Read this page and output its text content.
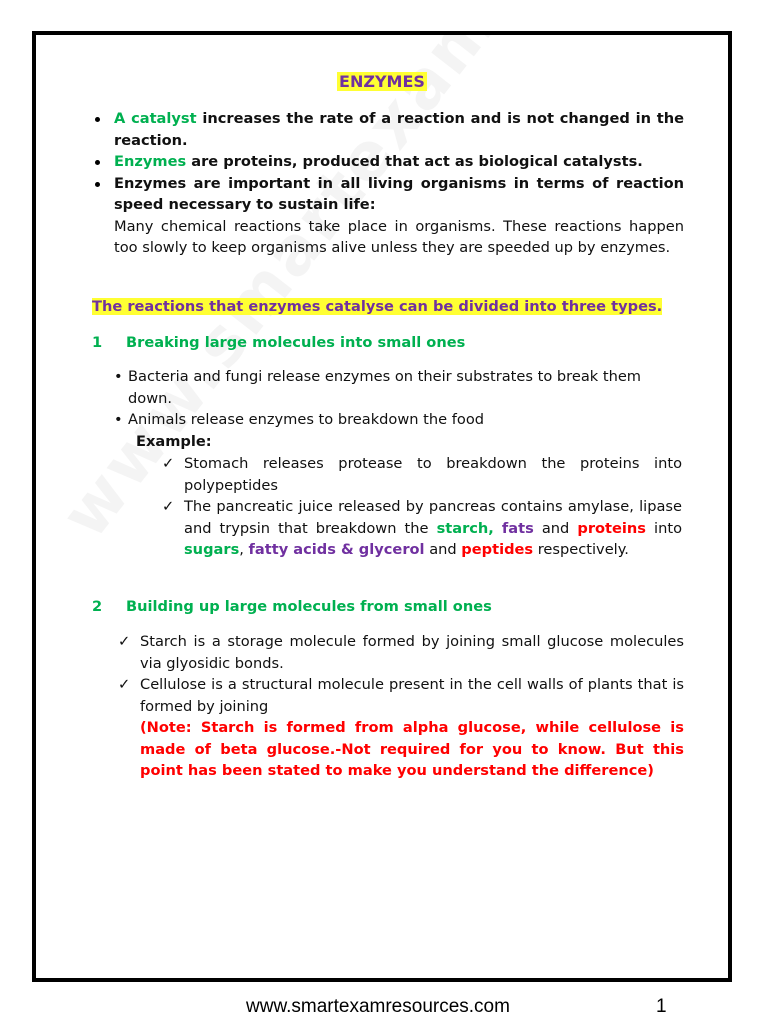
ENZYMES
A catalyst increases the rate of a reaction and is not changed in the reaction.
Enzymes are proteins, produced that act as biological catalysts.
Enzymes are important in all living organisms in terms of reaction speed necessary to sustain life:
Many chemical reactions take place in organisms. These reactions happen too slowly to keep organisms alive unless they are speeded up by enzymes.
The reactions that enzymes catalyse can be divided into three types.
1 Breaking large molecules into small ones
• Bacteria and fungi release enzymes on their substrates to break them down.
• Animals release enzymes to breakdown the food
Example:
✓ Stomach releases protease to breakdown the proteins into polypeptides
✓ The pancreatic juice released by pancreas contains amylase, lipase and trypsin that breakdown the starch, fats and proteins into sugars, fatty acids & glycerol and peptides respectively.
2 Building up large molecules from small ones
✓ Starch is a storage molecule formed by joining small glucose molecules via glyosidic bonds.
✓ Cellulose is a structural molecule present in the cell walls of plants that is formed by joining
(Note: Starch is formed from alpha glucose, while cellulose is made of beta glucose.-Not required for you to know. But this point has been stated to make you understand the difference)
www.smartexamresources.com	1
